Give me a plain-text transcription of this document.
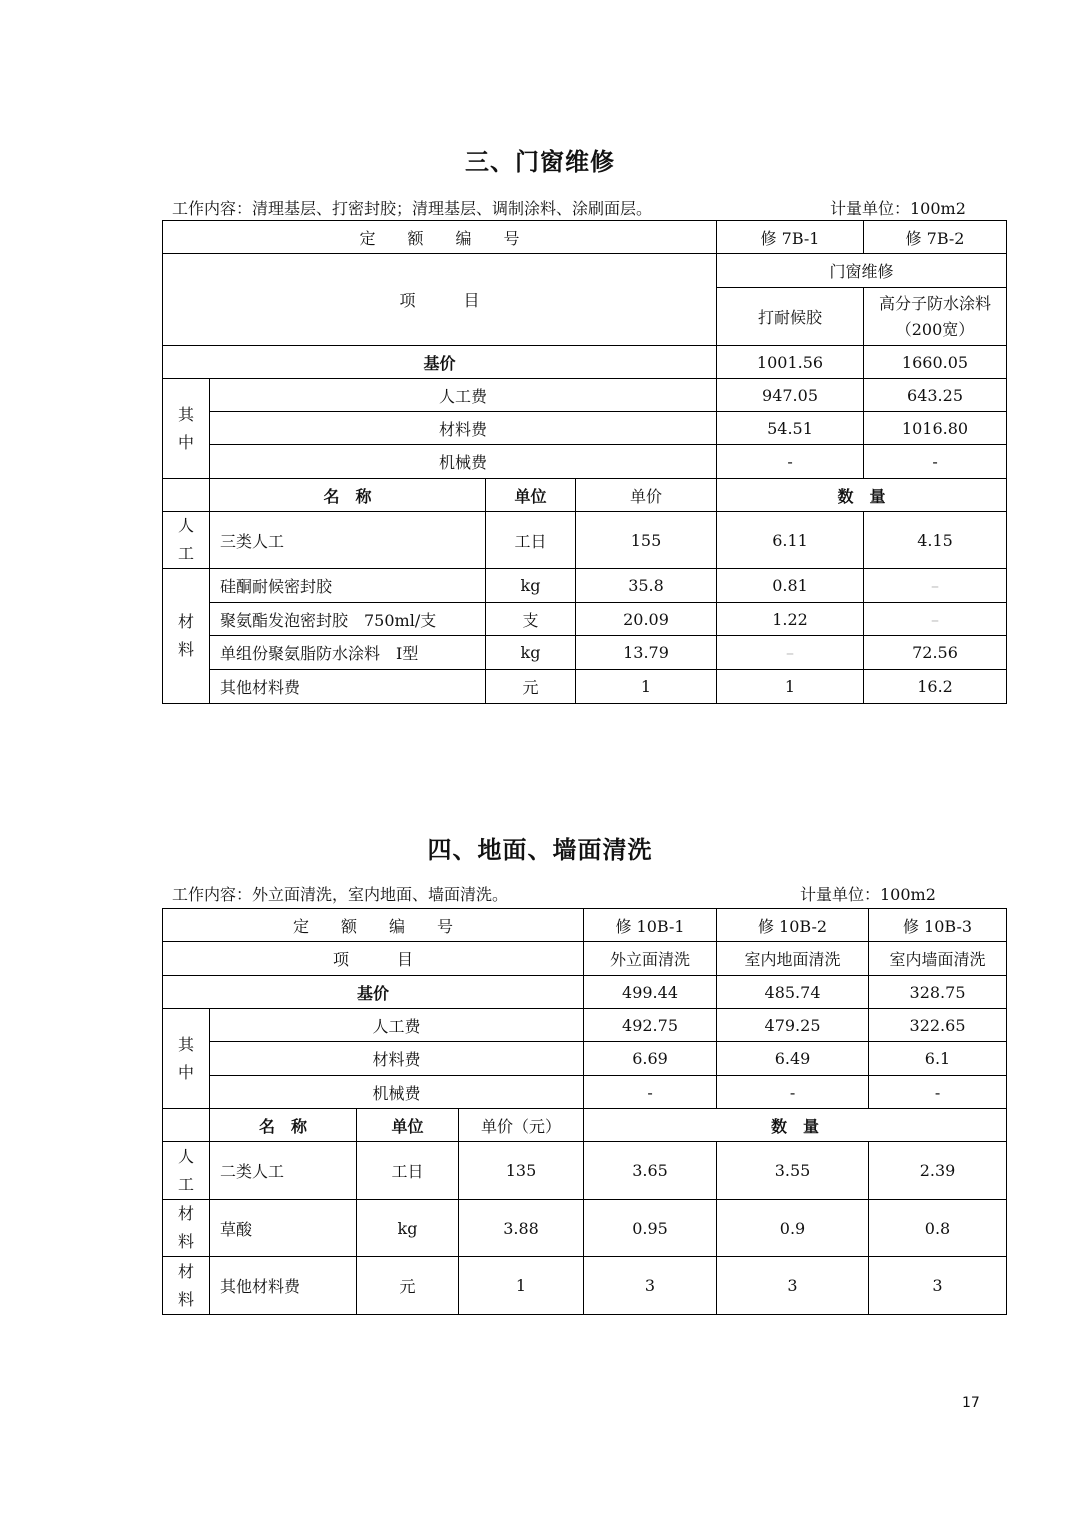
三、门窗维修
工作内容：清理基层、打密封胶；清理基层、调制涂料、涂刷面层。	计量单位：100m2
定　　额　　编　　号				修 7B-1	修 7B-2
项　　　目				门窗维修	
				打耐候胶	高分子防水涂料（200宽）
基价				1001.56	1660.05

其
中	人工费			947.05	643.25
	材料费			54.51	1016.80
	机械费			-	-
	名　称	单位	单价	数　量	

人
工	三类人工	工日	155	6.11	4.15

材
料	硅酮耐候密封胶	kg	35.8	0.81	–
	聚氨酯发泡密封胶　750ml/支	支	20.09	1.22	–
	单组份聚氨脂防水涂料　Ⅰ型	kg	13.79	–	72.56
	其他材料费	元	1	1	16.2
四、地面、墙面清洗
工作内容：外立面清洗，室内地面、墙面清洗。	计量单位：100m2
定　　额　　编　　号				修 10B-1	修 10B-2	修 10B-3
项　　　目				外立面清洗	室内地面清洗	室内墙面清洗
基价				499.44	485.74	328.75

其
中	人工费			492.75	479.25	322.65
	材料费			6.69	6.49	6.1
	机械费			-	-	-
	名　称	单位	单价（元）	数　量		

人
工	二类人工	工日	135	3.65	3.55	2.39

材
料	草酸	kg	3.88	0.95	0.9	0.8

材
料	其他材料费	元	1	3	3	3
17
